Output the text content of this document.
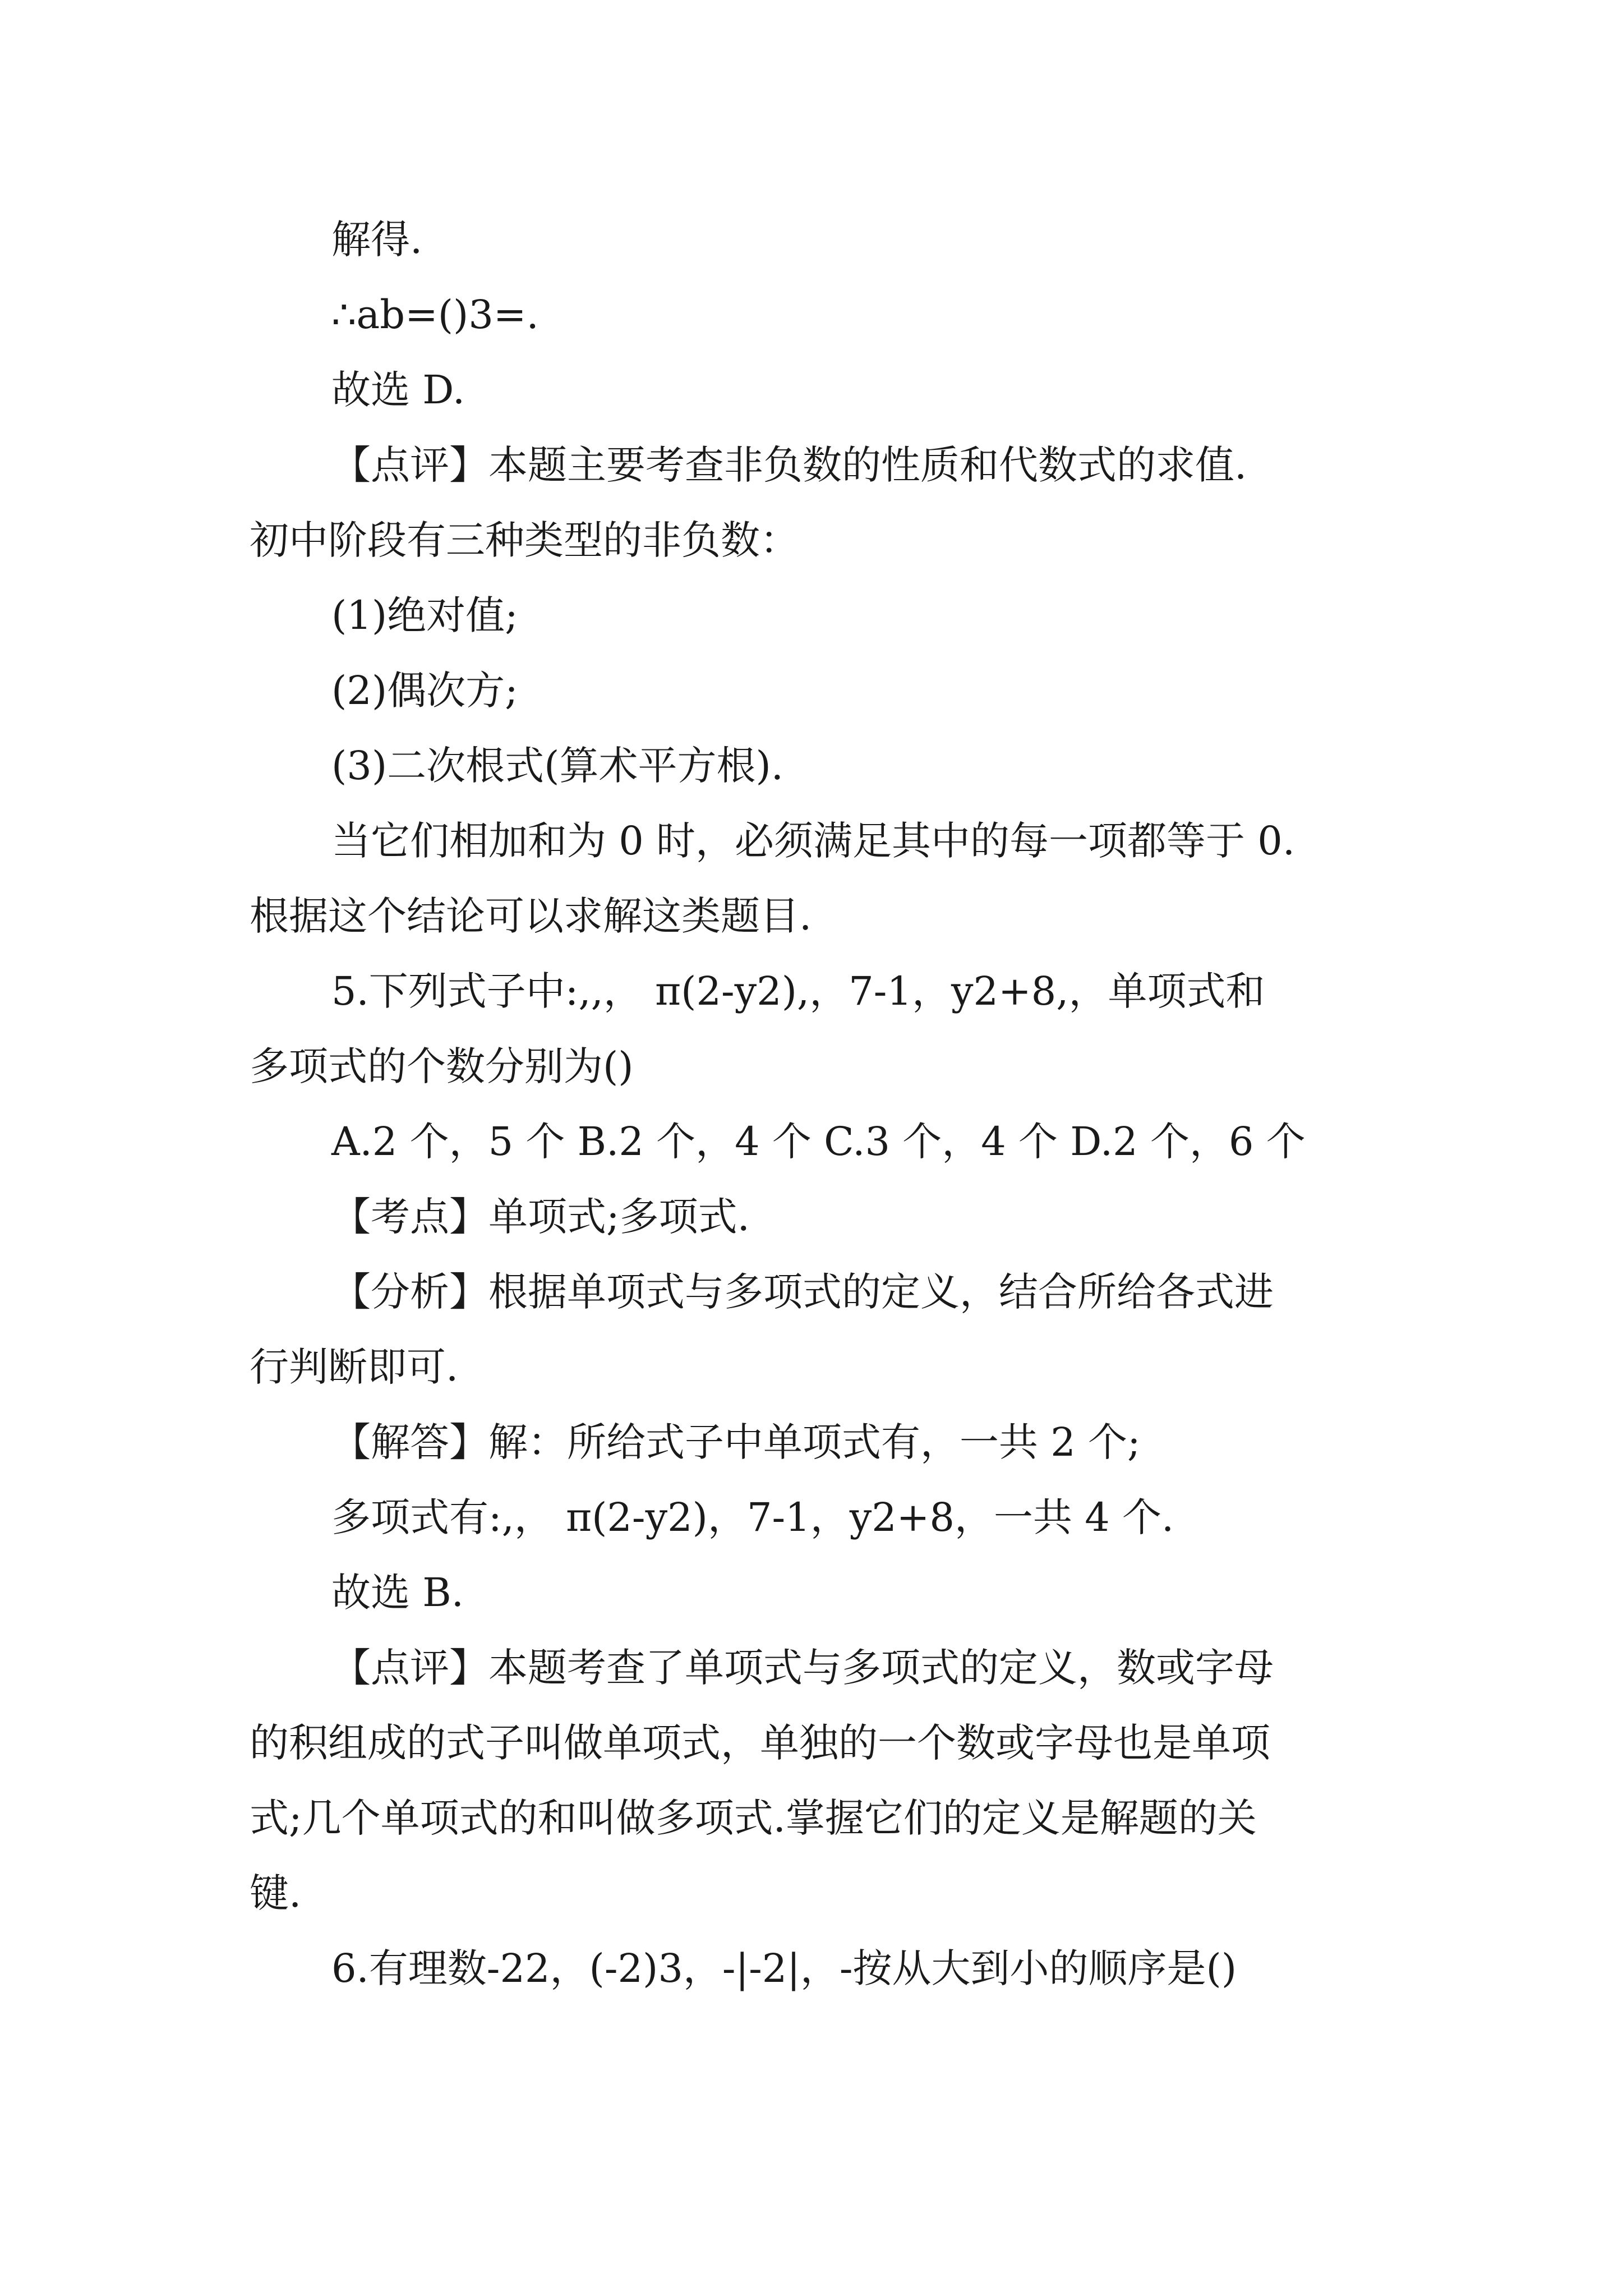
解得.
∴ab=()3=.
故选 D.
【点评】本题主要考查非负数的性质和代数式的求值.
初中阶段有三种类型的非负数：
(1)绝对值;
(2)偶次方;
(3)二次根式(算术平方根).
当它们相加和为 0 时，必须满足其中的每一项都等于 0.
根据这个结论可以求解这类题目.
5.下列式子中:,,， π(2-y2),，7-1，y2+8,，单项式和
多项式的个数分别为()
A.2 个，5 个 B.2 个，4 个 C.3 个，4 个 D.2 个，6 个
【考点】单项式;多项式.
【分析】根据单项式与多项式的定义，结合所给各式进
行判断即可.
【解答】解：所给式子中单项式有，一共 2 个;
多项式有:,， π(2-y2)，7-1，y2+8，一共 4 个.
故选 B.
【点评】本题考查了单项式与多项式的定义，数或字母
的积组成的式子叫做单项式，单独的一个数或字母也是单项
式;几个单项式的和叫做多项式.掌握它们的定义是解题的关
键.
6.有理数-22，(-2)3，-|-2|，-按从大到小的顺序是()
